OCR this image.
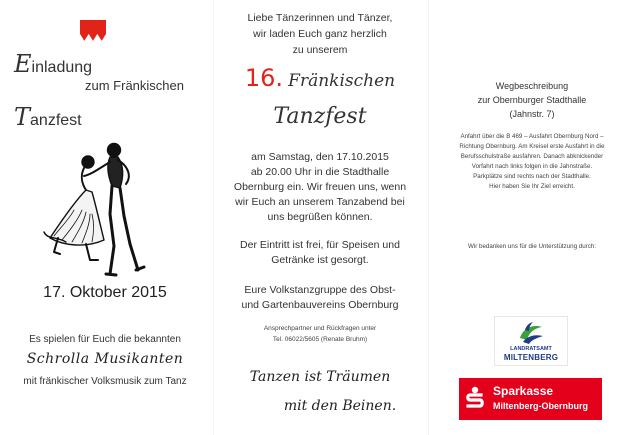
Einladung
zum Fränkischen
Tanzfest
17. Oktober 2015
Es spielen für Euch die bekannten
Schrolla Musikanten
mit fränkischer Volksmusik zum Tanz
Liebe Tänzerinnen und Tänzer,
wir laden Euch ganz herzlich
zu unserem
16. Fränkischen
Tanzfest
am Samstag, den 17.10.2015
ab 20.00 Uhr in die Stadthalle
Obernburg ein. Wir freuen uns, wenn
wir Euch an unserem Tanzabend bei
uns begrüßen können.
Der Eintritt ist frei, für Speisen und
Getränke ist gesorgt.
Eure Volkstanzgruppe des Obst-
und Gartenbauvereins Obernburg
Ansprechpartner und Rückfragen unter
Tel. 06022/5605 (Renate Bruhm)
Tanzen ist Träumen
mit den Beinen.
Wegbeschreibung
zur Obernburger Stadthalle
(Jahnstr. 7)
Anfahrt über die B 469 – Ausfahrt Obernburg Nord –
Richtung Obernburg. Am Kreisel erste Ausfahrt in die
Berufsschulstraße ausfahren. Danach abknickender
Vorfahrt nach links folgen in die Jahnstraße.
Parkplätze sind rechts nach der Stadthalle.
Hier haben Sie Ihr Ziel erreicht.
Wir bedanken uns für die Unterstützung durch:
LANDRATSAMT
MILTENBERG
Sparkasse
Miltenberg-Obernburg
